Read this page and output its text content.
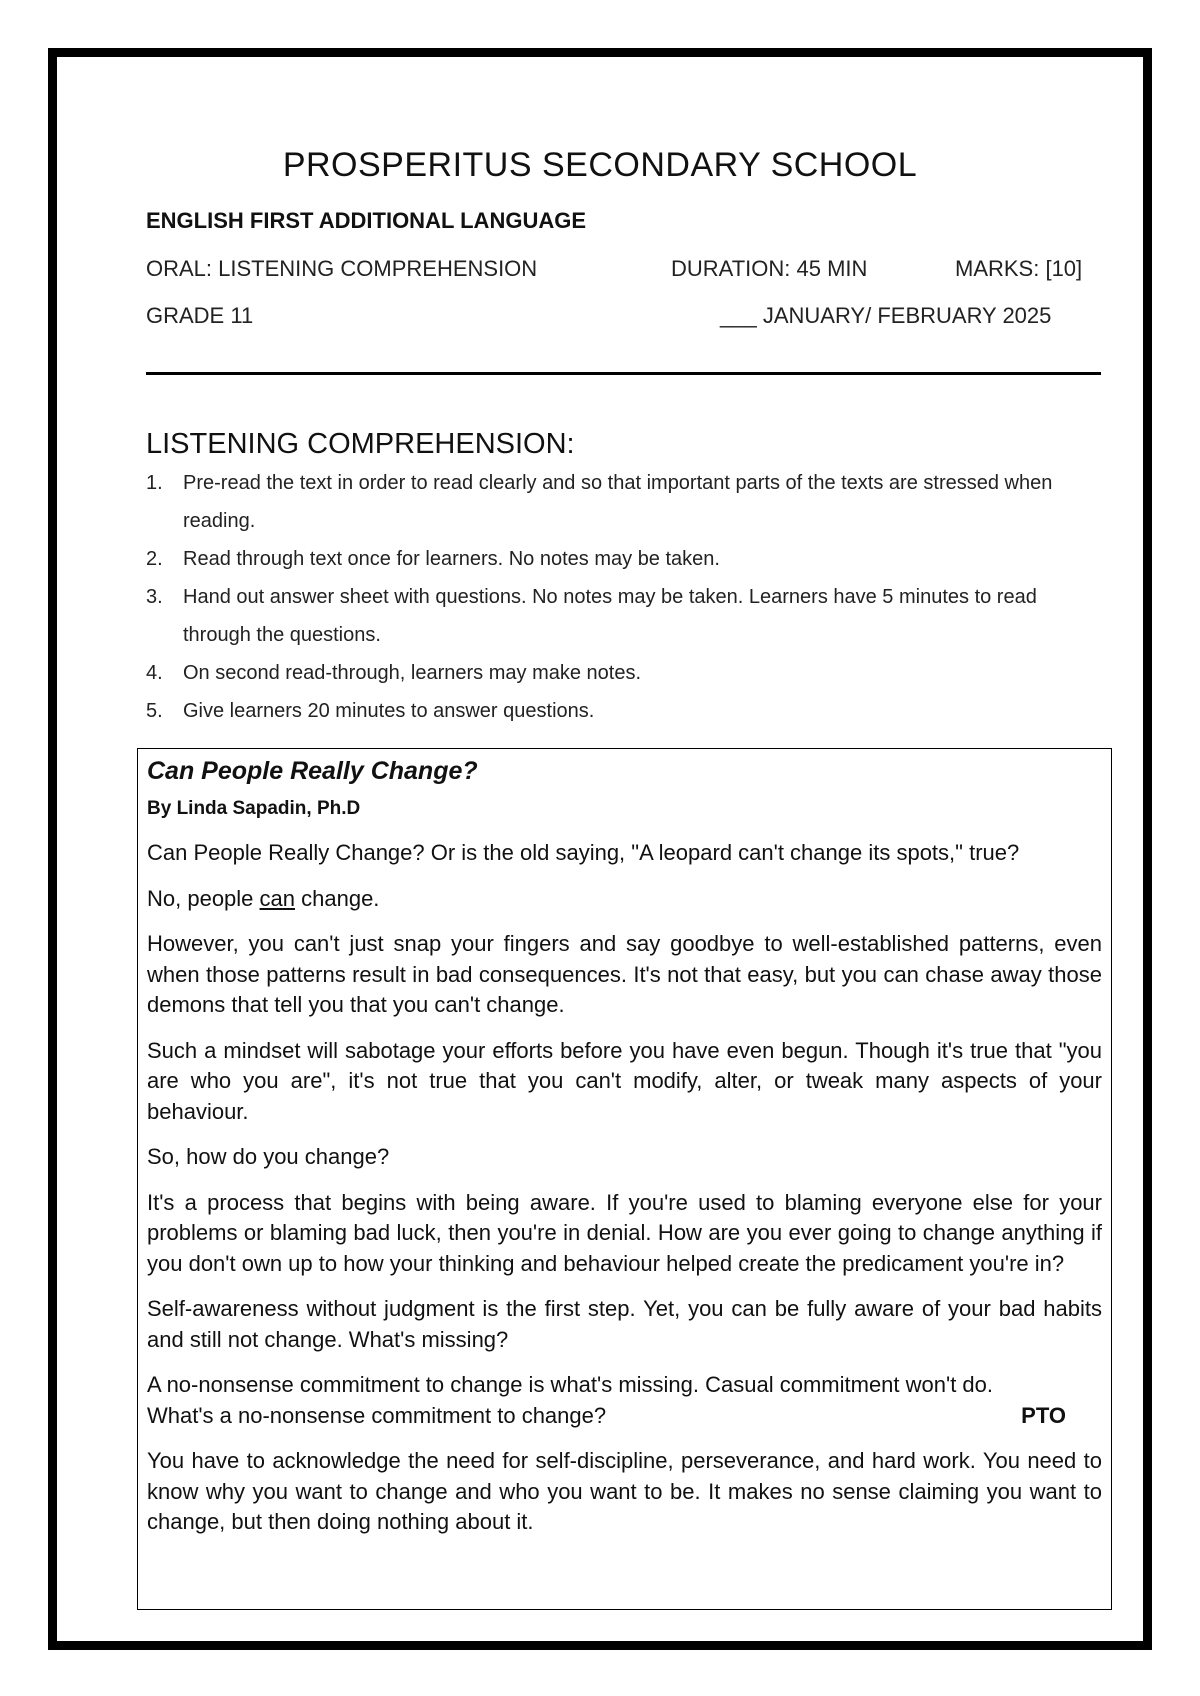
PROSPERITUS SECONDARY SCHOOL
ENGLISH FIRST ADDITIONAL LANGUAGE
ORAL: LISTENING COMPREHENSION	DURATION: 45 MIN	MARKS: [10]
GRADE 11	___ JANUARY/ FEBRUARY 2025
LISTENING COMPREHENSION:
1. Pre-read the text in order to read clearly and so that important parts of the texts are stressed when reading.
2. Read through text once for learners. No notes may be taken.
3. Hand out answer sheet with questions. No notes may be taken. Learners have 5 minutes to read through the questions.
4. On second read-through, learners may make notes.
5. Give learners 20 minutes to answer questions.
Can People Really Change?
By Linda Sapadin, Ph.D

Can People Really Change? Or is the old saying, "A leopard can't change its spots," true?

No, people can change.

However, you can't just snap your fingers and say goodbye to well-established patterns, even when those patterns result in bad consequences. It's not that easy, but you can chase away those demons that tell you that you can't change.

Such a mindset will sabotage your efforts before you have even begun. Though it's true that "you are who you are", it's not true that you can't modify, alter, or tweak many aspects of your behaviour.

So, how do you change?

It's a process that begins with being aware. If you're used to blaming everyone else for your problems or blaming bad luck, then you're in denial. How are you ever going to change anything if you don't own up to how your thinking and behaviour helped create the predicament you're in?

Self-awareness without judgment is the first step. Yet, you can be fully aware of your bad habits and still not change. What's missing?

A no-nonsense commitment to change is what's missing. Casual commitment won't do.
What's a no-nonsense commitment to change?	PTO

You have to acknowledge the need for self-discipline, perseverance, and hard work. You need to know why you want to change and who you want to be. It makes no sense claiming you want to change, but then doing nothing about it.
